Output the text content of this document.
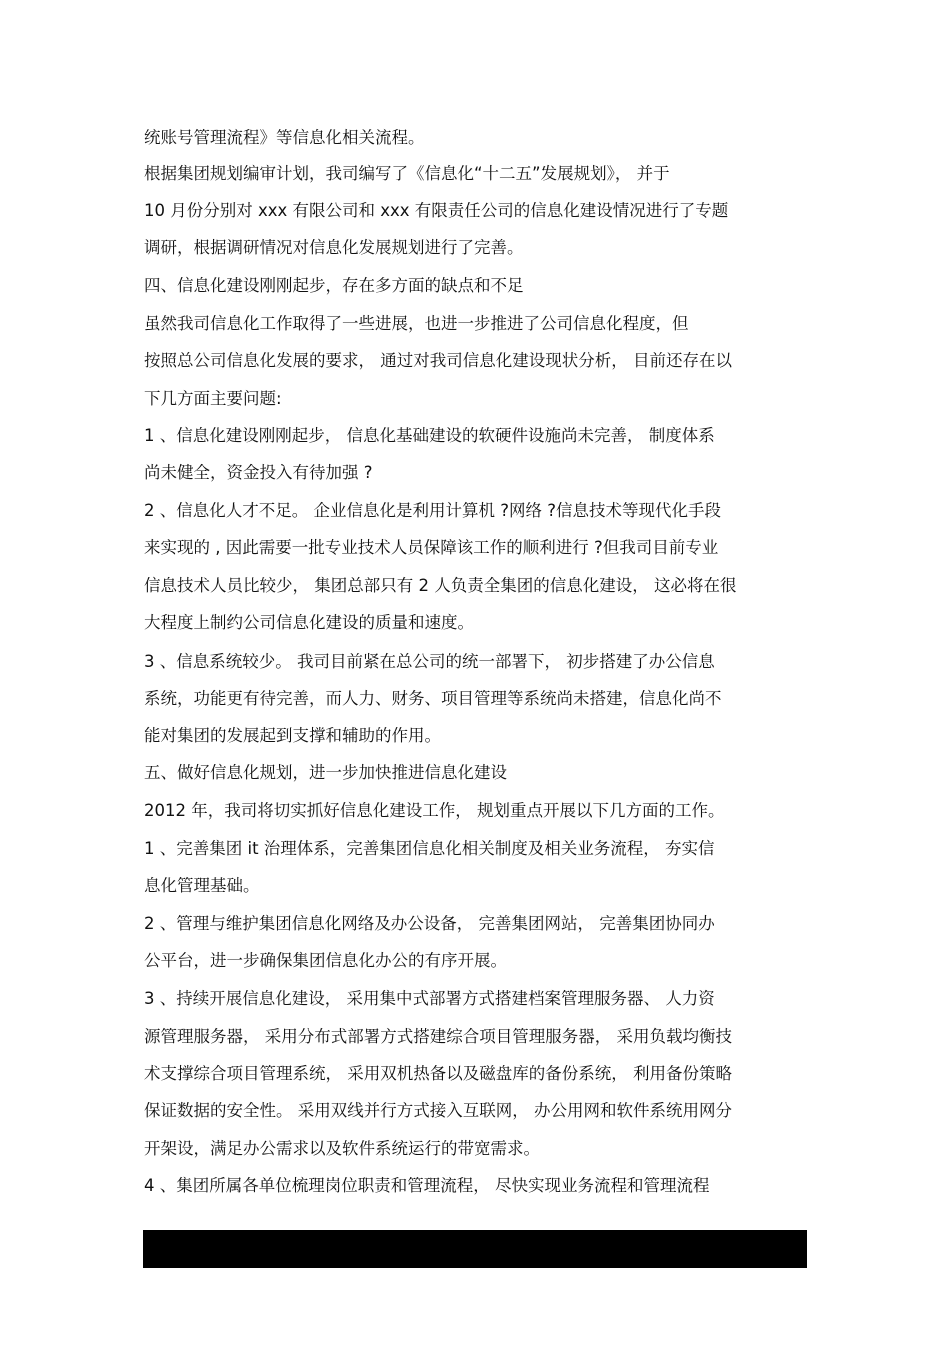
统账号管理流程》等信息化相关流程。
根据集团规划编审计划，我司编写了《信息化“十二五”发展规划》， 并于
10 月份分别对 xxx 有限公司和 xxx 有限责任公司的信息化建设情况进行了专题
调研，根据调研情况对信息化发展规划进行了完善。
四、信息化建设刚刚起步，存在多方面的缺点和不足
虽然我司信息化工作取得了一些进展，也进一步推进了公司信息化程度，但
按照总公司信息化发展的要求， 通过对我司信息化建设现状分析， 目前还存在以
下几方面主要问题:
1 、信息化建设刚刚起步， 信息化基础建设的软硬件设施尚未完善， 制度体系
尚未健全，资金投入有待加强 ?
2 、信息化人才不足。 企业信息化是利用计算机 ?网络 ?信息技术等现代化手段
来实现的 , 因此需要一批专业技术人员保障该工作的顺利进行 ?但我司目前专业
信息技术人员比较少， 集团总部只有 2 人负责全集团的信息化建设， 这必将在很
大程度上制约公司信息化建设的质量和速度。
3 、信息系统较少。 我司目前紧在总公司的统一部署下， 初步搭建了办公信息
系统，功能更有待完善，而人力、财务、项目管理等系统尚未搭建，信息化尚不
能对集团的发展起到支撑和辅助的作用。
五、做好信息化规划，进一步加快推进信息化建设
2012 年，我司将切实抓好信息化建设工作， 规划重点开展以下几方面的工作。
1 、完善集团 it 治理体系，完善集团信息化相关制度及相关业务流程， 夯实信
息化管理基础。
2 、管理与维护集团信息化网络及办公设备， 完善集团网站， 完善集团协同办
公平台，进一步确保集团信息化办公的有序开展。
3 、持续开展信息化建设， 采用集中式部署方式搭建档案管理服务器、 人力资
源管理服务器， 采用分布式部署方式搭建综合项目管理服务器， 采用负载均衡技
术支撑综合项目管理系统， 采用双机热备以及磁盘库的备份系统， 利用备份策略
保证数据的安全性。 采用双线并行方式接入互联网， 办公用网和软件系统用网分
开架设，满足办公需求以及软件系统运行的带宽需求。
4 、集团所属各单位梳理岗位职责和管理流程， 尽快实现业务流程和管理流程
